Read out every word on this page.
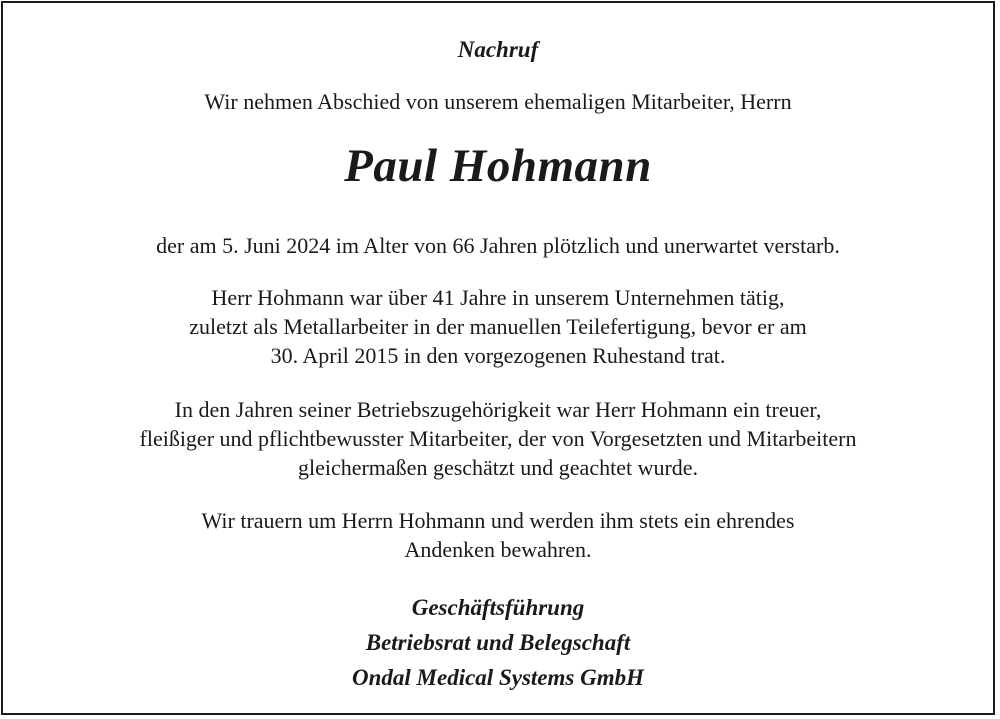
Nachruf
Wir nehmen Abschied von unserem ehemaligen Mitarbeiter, Herrn
Paul Hohmann
der am 5. Juni 2024 im Alter von 66 Jahren plötzlich und unerwartet verstarb.
Herr Hohmann war über 41 Jahre in unserem Unternehmen tätig,
zuletzt als Metallarbeiter in der manuellen Teilefertigung, bevor er am
30. April 2015 in den vorgezogenen Ruhestand trat.
In den Jahren seiner Betriebszugehörigkeit war Herr Hohmann ein treuer,
fleißiger und pflichtbewusster Mitarbeiter, der von Vorgesetzten und Mitarbeitern
gleichermaßen geschätzt und geachtet wurde.
Wir trauern um Herrn Hohmann und werden ihm stets ein ehrendes
Andenken bewahren.
Geschäftsführung
Betriebsrat und Belegschaft
Ondal Medical Systems GmbH
